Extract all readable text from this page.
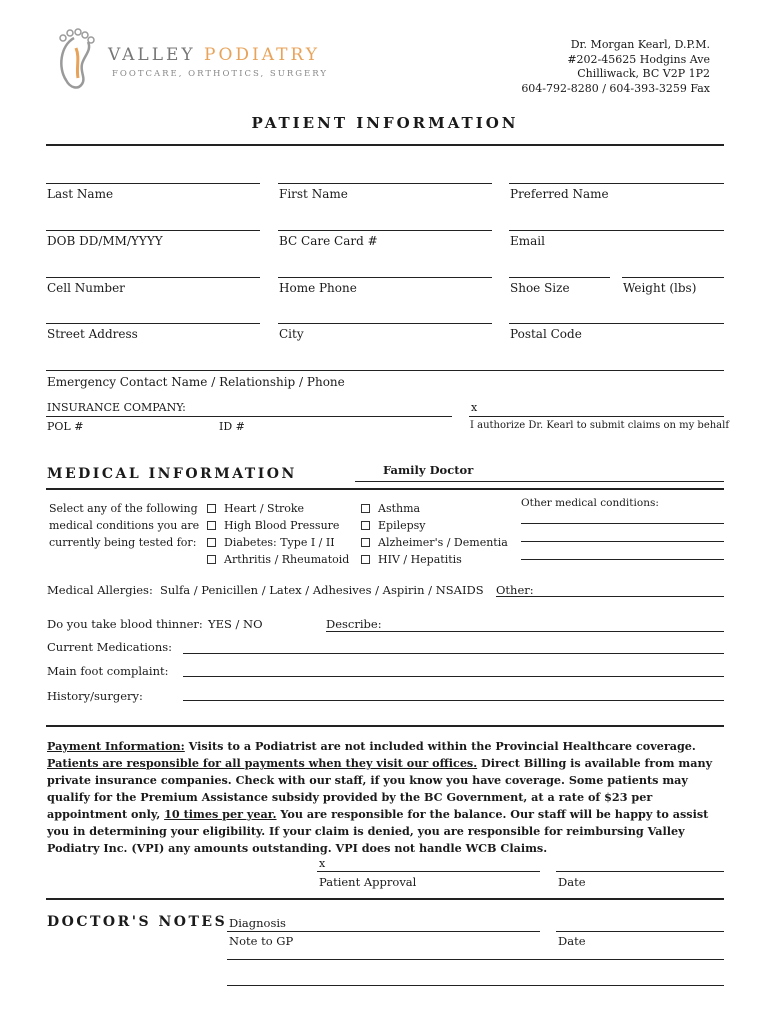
VALLEY PODIATRY
FOOTCARE, ORTHOTICS, SURGERY
Dr. Morgan Kearl, D.P.M.
#202-45625 Hodgins Ave
Chilliwack, BC V2P 1P2
604-792-8280 / 604-393-3259 Fax
PATIENT INFORMATION
Last Name	First Name	Preferred Name
DOB DD/MM/YYYY	BC Care Card #	Email
Cell Number	Home Phone	Shoe Size	Weight (lbs)
Street Address	City	Postal Code
Emergency Contact Name / Relationship / Phone
INSURANCE COMPANY:	x
POL #	ID #	I authorize Dr. Kearl to submit claims on my behalf
MEDICAL INFORMATION	Family Doctor
Select any of the following
medical conditions you are
currently being tested for:
Heart / Stroke
High Blood Pressure
Diabetes: Type I / II
Arthritis / Rheumatoid
Asthma
Epilepsy
Alzheimer's / Dementia
HIV / Hepatitis
Other medical conditions:
Medical Allergies: Sulfa / Penicillen / Latex / Adhesives / Aspirin / NSAIDS Other:
Do you take blood thinner: YES / NO	Describe:
Current Medications:
Main foot complaint:
History/surgery:
Payment Information: Visits to a Podiatrist are not included within the Provincial Healthcare coverage. Patients are responsible for all payments when they visit our offices. Direct Billing is available from many private insurance companies. Check with our staff, if you know you have coverage. Some patients may qualify for the Premium Assistance subsidy provided by the BC Government, at a rate of $23 per appointment only, 10 times per year. You are responsible for the balance. Our staff will be happy to assist you in determining your eligibility. If your claim is denied, you are responsible for reimbursing Valley Podiatry Inc. (VPI) any amounts outstanding. VPI does not handle WCB Claims.
x
Patient Approval	Date
DOCTOR'S NOTES Diagnosis
Note to GP	Date
